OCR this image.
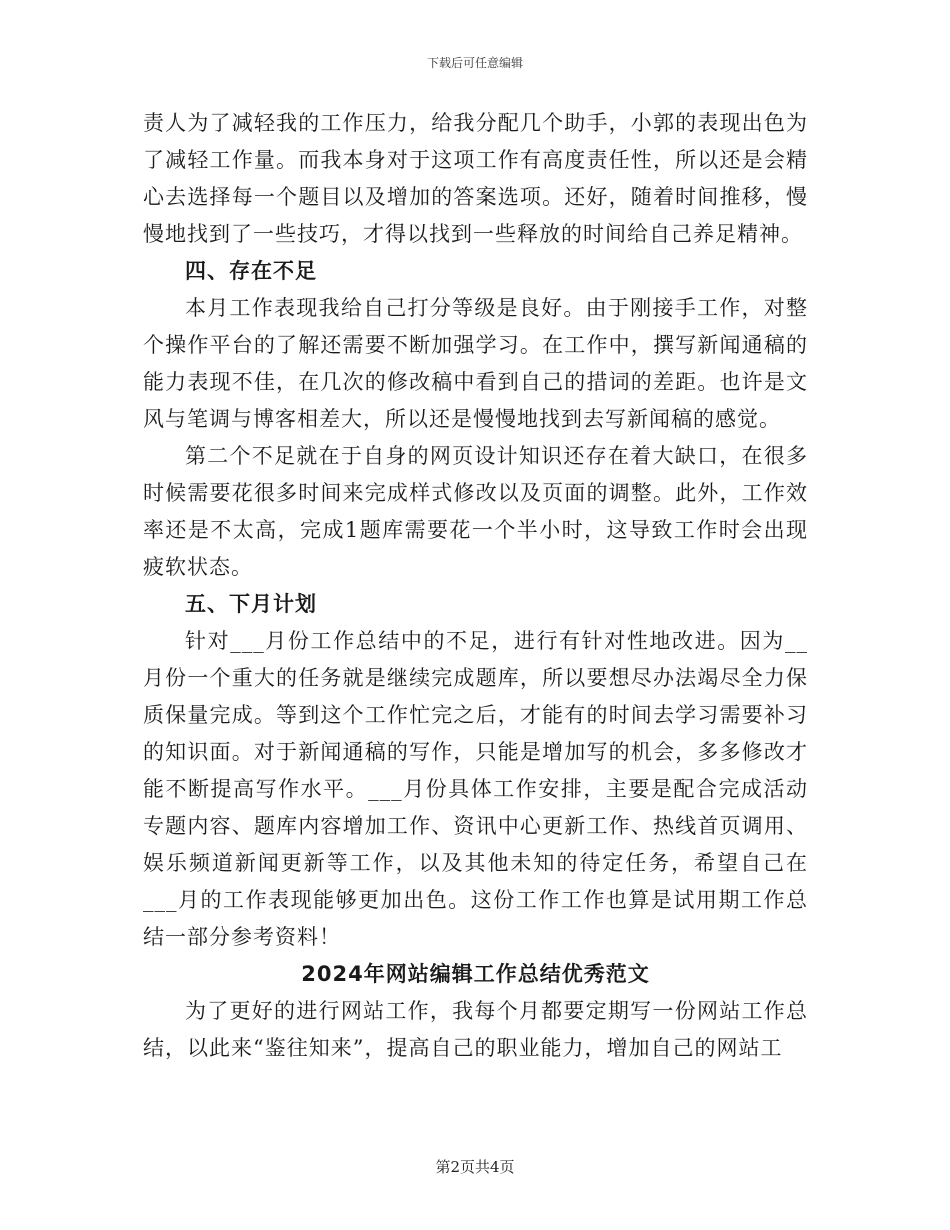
下载后可任意编辑

责人为了减轻我的工作压力，给我分配几个助手，小郭的表现出色为了减轻工作量。而我本身对于这项工作有高度责任性，所以还是会精心去选择每一个题目以及增加的答案选项。还好，随着时间推移，慢慢地找到了一些技巧，才得以找到一些释放的时间给自己养足精神。

四、存在不足

本月工作表现我给自己打分等级是良好。由于刚接手工作，对整个操作平台的了解还需要不断加强学习。在工作中，撰写新闻通稿的能力表现不佳，在几次的修改稿中看到自己的措词的差距。也许是文风与笔调与博客相差大，所以还是慢慢地找到去写新闻稿的感觉。

第二个不足就在于自身的网页设计知识还存在着大缺口，在很多时候需要花很多时间来完成样式修改以及页面的调整。此外，工作效率还是不太高，完成1题库需要花一个半小时，这导致工作时会出现疲软状态。

五、下月计划

针对___月份工作总结中的不足，进行有针对性地改进。因为__月份一个重大的任务就是继续完成题库，所以要想尽办法竭尽全力保质保量完成。等到这个工作忙完之后，才能有的时间去学习需要补习的知识面。对于新闻通稿的写作，只能是增加写的机会，多多修改才能不断提高写作水平。___月份具体工作安排，主要是配合完成活动专题内容、题库内容增加工作、资讯中心更新工作、热线首页调用、娱乐频道新闻更新等工作，以及其他未知的待定任务，希望自己在___月的工作表现能够更加出色。这份工作工作也算是试用期工作总结一部分参考资料！

2024年网站编辑工作总结优秀范文

为了更好的进行网站工作，我每个月都要定期写一份网站工作总结，以此来“鉴往知来”，提高自己的职业能力，增加自己的网站工

第2页共4页
